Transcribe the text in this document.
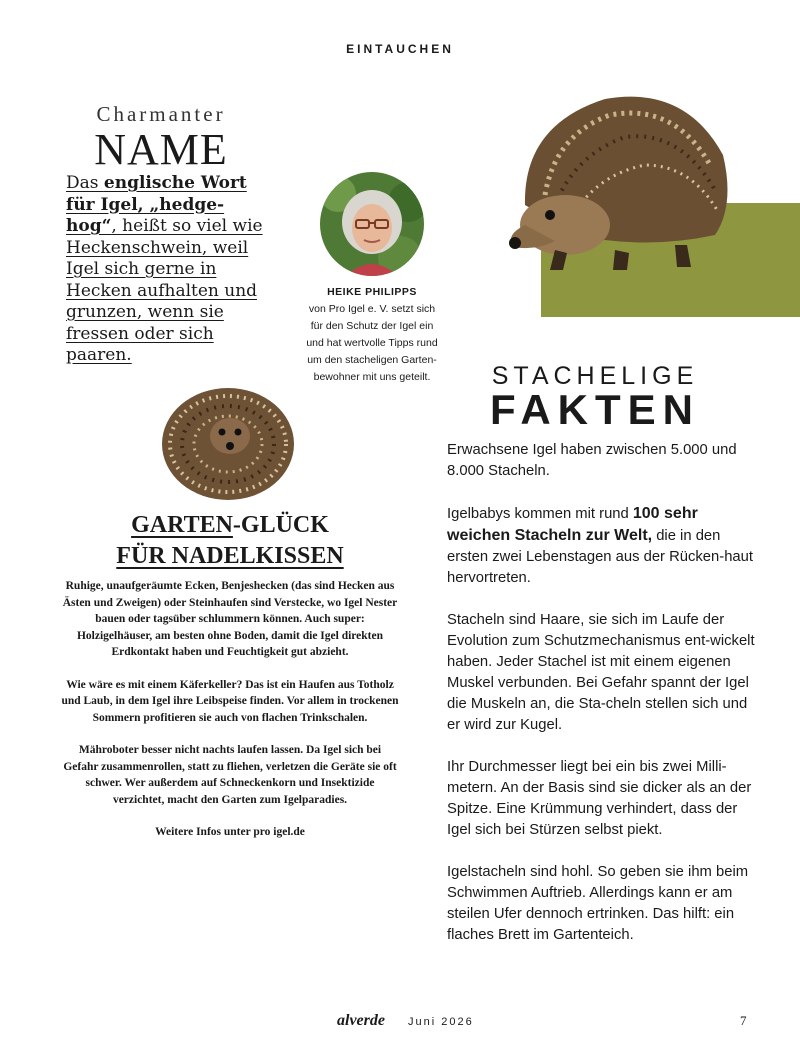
EINTAUCHEN
Charmanter
NAME
Das englische Wort für Igel, „hedge-hog“, heißt so viel wie Heckenschwein, weil Igel sich gerne in Hecken aufhalten und grunzen, wenn sie fressen oder sich paaren.
HEIKE PHILIPPS
von Pro Igel e. V. setzt sich für den Schutz der Igel ein und hat wertvolle Tipps rund um den stacheligen Garten-bewohner mit uns geteilt.	STACHELIGE
FAKTEN

Erwachsene Igel haben zwischen 5.000 und 8.000 Stacheln.

Igelbabys kommen mit rund 100 sehr weichen Stacheln zur Welt, die in den ersten zwei Lebenstagen aus der Rücken-haut hervortreten.

Stacheln sind Haare, sie sich im Laufe der Evolution zum Schutzmechanismus ent-wickelt haben. Jeder Stachel ist mit einem eigenen Muskel verbunden. Bei Gefahr spannt der Igel die Muskeln an, die Sta-cheln stellen sich und er wird zur Kugel.

Ihr Durchmesser liegt bei ein bis zwei Milli-metern. An der Basis sind sie dicker als an der Spitze. Eine Krümmung verhindert, dass der Igel sich bei Stürzen selbst piekt.

Igelstacheln sind hohl. So geben sie ihm beim Schwimmen Auftrieb. Allerdings kann er am steilen Ufer dennoch ertrinken. Das hilft: ein flaches Brett im Gartenteich.

GARTEN-GLÜCK
FÜR NADELKISSEN

Ruhige, unaufgeräumte Ecken, Benjeshecken (das sind Hecken aus Ästen und Zweigen) oder Steinhaufen sind Verstecke, wo Igel Nester bauen oder tagsüber schlummern können. Auch super: Holzigelhäuser, am besten ohne Boden, damit die Igel direkten Erdkontakt haben und Feuchtigkeit gut abzieht.

Wie wäre es mit einem Käferkeller? Das ist ein Haufen aus Totholz und Laub, in dem Igel ihre Leibspeise finden. Vor allem in trockenen Sommern profitieren sie auch von flachen Trinkschalen.

Mähroboter besser nicht nachts laufen lassen. Da Igel sich bei Gefahr zusammenrollen, statt zu fliehen, verletzen die Geräte sie oft schwer. Wer außerdem auf Schneckenkorn und Insektizide verzichtet, macht den Garten zum Igelparadies.

Weitere Infos unter pro igel.de

alverde Juni 2026	7
